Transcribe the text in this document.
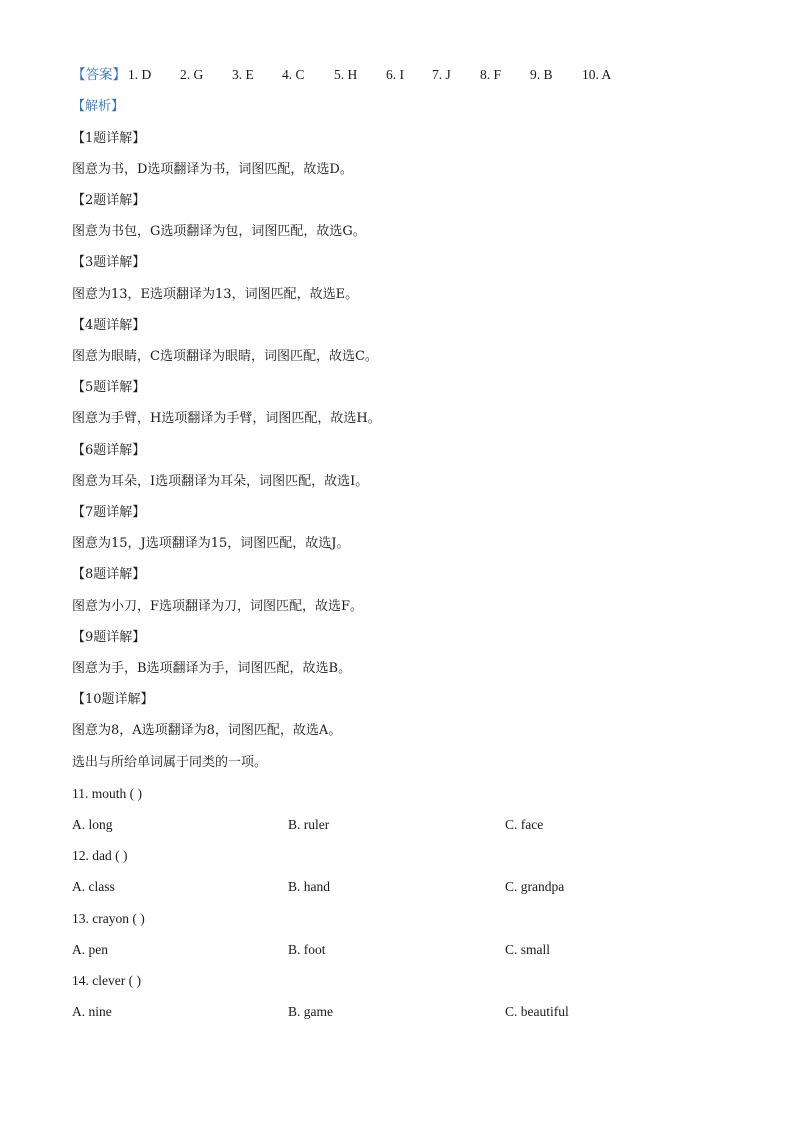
【答案】 1. D 2. G 3. E 4. C 5. H 6. I 7. J 8. F 9. B 10. A
【解析】
【1题详解】
图意为书，D选项翻译为书，词图匹配，故选D。
【2题详解】
图意为书包，G选项翻译为包，词图匹配，故选G。
【3题详解】
图意为13，E选项翻译为13，词图匹配，故选E。
【4题详解】
图意为眼睛，C选项翻译为眼睛，词图匹配，故选C。
【5题详解】
图意为手臂，H选项翻译为手臂，词图匹配，故选H。
【6题详解】
图意为耳朵，I选项翻译为耳朵，词图匹配，故选I。
【7题详解】
图意为15，J选项翻译为15，词图匹配，故选J。
【8题详解】
图意为小刀，F选项翻译为刀，词图匹配，故选F。
【9题详解】
图意为手，B选项翻译为手，词图匹配，故选B。
【10题详解】
图意为8，A选项翻译为8，词图匹配，故选A。
选出与所给单词属于同类的一项。
11. mouth ( )
A. long	B. ruler	C. face
12. dad ( )
A. class	B. hand	C. grandpa
13. crayon ( )
A. pen	B. foot	C. small
14. clever ( )
A. nine	B. game	C. beautiful
